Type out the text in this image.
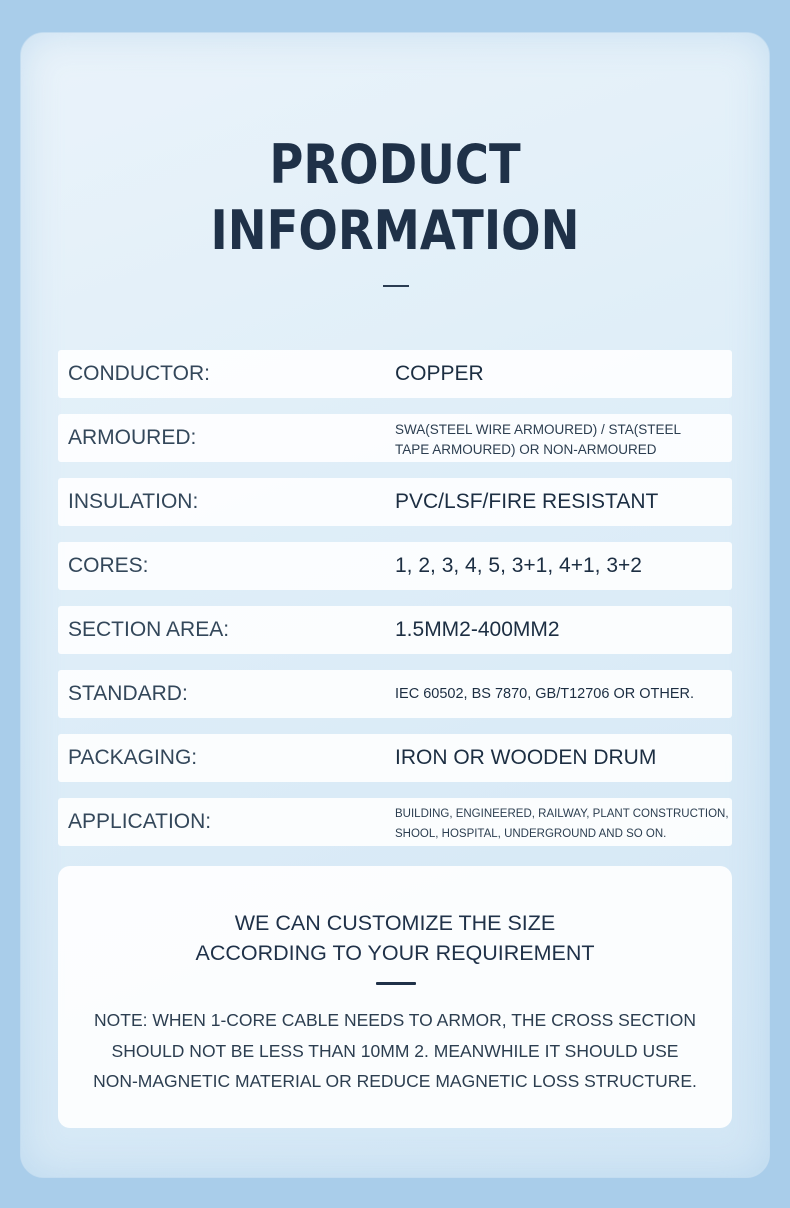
PRODUCT
INFORMATION
CONDUCTOR:	COPPER
ARMOURED:	SWA(STEEL WIRE ARMOURED) / STA(STEEL
TAPE ARMOURED) OR NON-ARMOURED
INSULATION:	PVC/LSF/FIRE RESISTANT
CORES:	1, 2, 3, 4, 5, 3+1, 4+1, 3+2
SECTION AREA:	1.5MM2-400MM2
STANDARD:	IEC 60502, BS 7870, GB/T12706 OR OTHER.
PACKAGING:	IRON OR WOODEN DRUM
APPLICATION:	BUILDING, ENGINEERED, RAILWAY, PLANT CONSTRUCTION,
SHOOL, HOSPITAL, UNDERGROUND AND SO ON.
WE CAN CUSTOMIZE THE SIZE
ACCORDING TO YOUR REQUIREMENT
NOTE: WHEN 1-CORE CABLE NEEDS TO ARMOR, THE CROSS SECTION
SHOULD NOT BE LESS THAN 10MM 2. MEANWHILE IT SHOULD USE
NON-MAGNETIC MATERIAL OR REDUCE MAGNETIC LOSS STRUCTURE.
